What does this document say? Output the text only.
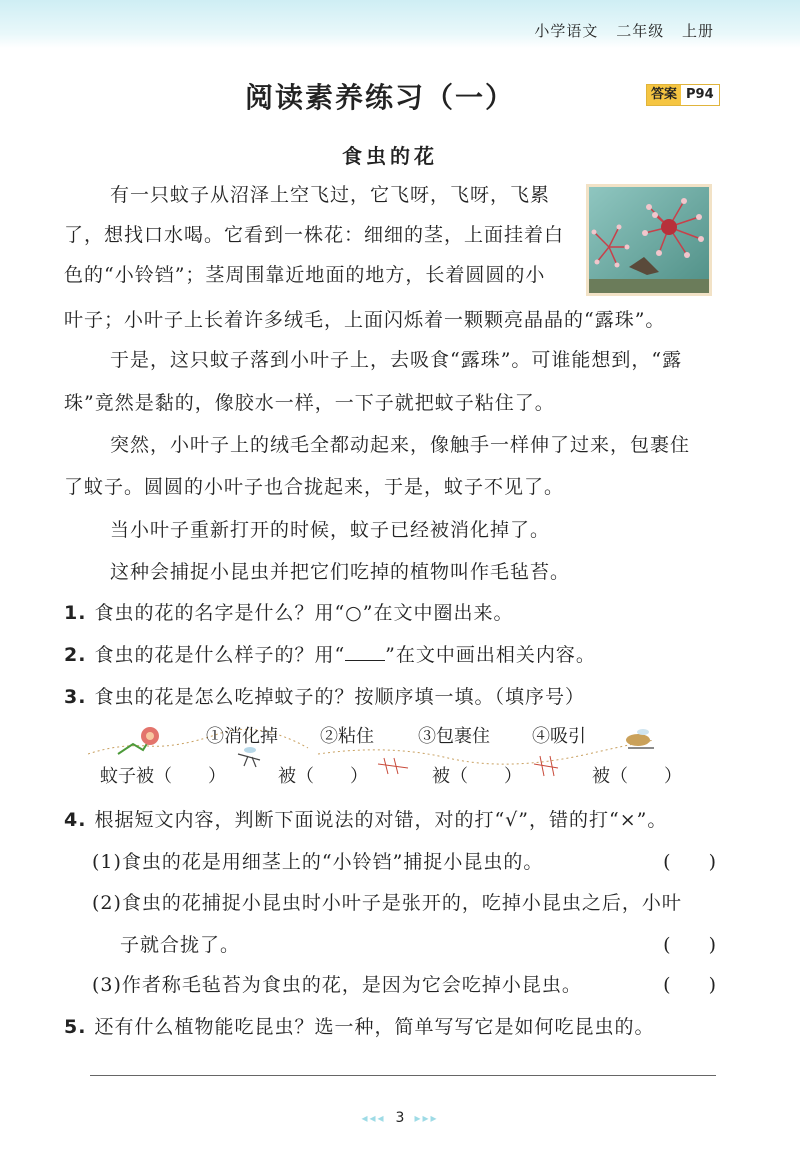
小学语文 二年级 上册
阅读素养练习（一）	答案 P94
食虫的花
有一只蚊子从沼泽上空飞过，它飞呀，飞呀，飞累
了，想找口水喝。它看到一株花：细细的茎，上面挂着白
色的“小铃铛”；茎周围靠近地面的地方，长着圆圆的小
叶子；小叶子上长着许多绒毛，上面闪烁着一颗颗亮晶晶的“露珠”。
于是，这只蚊子落到小叶子上，去吸食“露珠”。可谁能想到，“露
珠”竟然是黏的，像胶水一样，一下子就把蚊子粘住了。
突然，小叶子上的绒毛全都动起来，像触手一样伸了过来，包裹住
了蚊子。圆圆的小叶子也合拢起来，于是，蚊子不见了。
当小叶子重新打开的时候，蚊子已经被消化掉了。
这种会捕捉小昆虫并把它们吃掉的植物叫作毛毡苔。
1. 食虫的花的名字是什么？用“○”在文中圈出来。
2. 食虫的花是什么样子的？用“ ”在文中画出相关内容。
3. 食虫的花是怎么吃掉蚊子的？按顺序填一填。（填序号）
①消化掉 ②粘住 ③包裹住 ④吸引
蚊子被（　　）	被（　　）	被（　　）	被（　　）
4. 根据短文内容，判断下面说法的对错，对的打“√”，错的打“×”。
(1)食虫的花是用细茎上的“小铃铛”捕捉小昆虫的。	(　　)
(2)食虫的花捕捉小昆虫时小叶子是张开的，吃掉小昆虫之后，小叶
子就合拢了。	(　　)
(3)作者称毛毡苔为食虫的花，是因为它会吃掉小昆虫。	(　　)
5. 还有什么植物能吃昆虫？选一种，简单写写它是如何吃昆虫的。
◂◂◂ 3 ▸▸▸
